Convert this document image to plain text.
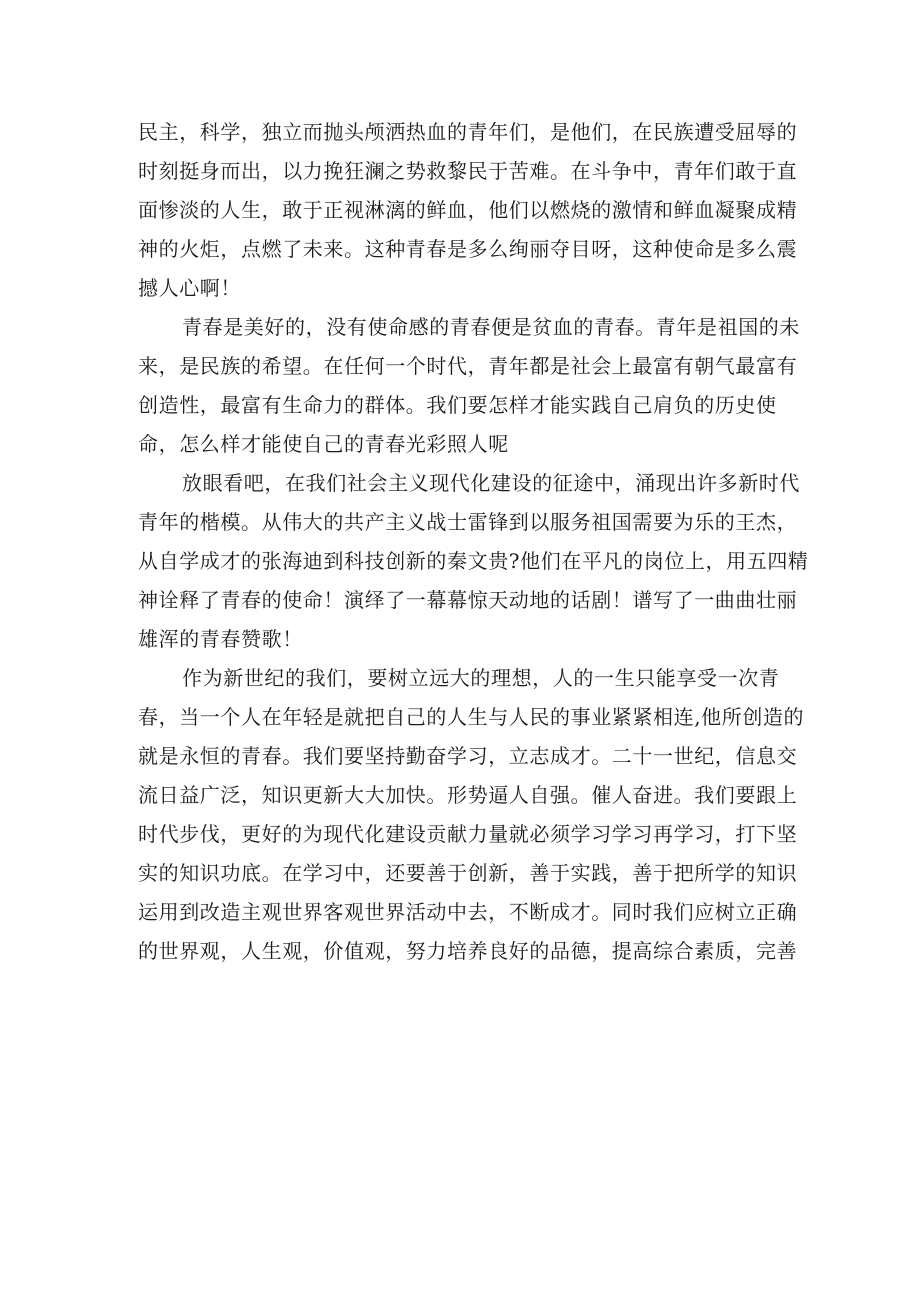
民主，科学，独立而抛头颅洒热血的青年们，是他们，在民族遭受屈辱的
时刻挺身而出，以力挽狂澜之势救黎民于苦难。在斗争中，青年们敢于直
面惨淡的人生，敢于正视淋漓的鲜血，他们以燃烧的激情和鲜血凝聚成精
神的火炬，点燃了未来。这种青春是多么绚丽夺目呀，这种使命是多么震
撼人心啊！
青春是美好的，没有使命感的青春便是贫血的青春。青年是祖国的未
来，是民族的希望。在任何一个时代，青年都是社会上最富有朝气最富有
创造性，最富有生命力的群体。我们要怎样才能实践自己肩负的历史使
命，怎么样才能使自己的青春光彩照人呢
放眼看吧，在我们社会主义现代化建设的征途中，涌现出许多新时代
青年的楷模。从伟大的共产主义战士雷锋到以服务祖国需要为乐的王杰，
从自学成才的张海迪到科技创新的秦文贵?他们在平凡的岗位上，用五四精
神诠释了青春的使命！演绎了一幕幕惊天动地的话剧！谱写了一曲曲壮丽
雄浑的青春赞歌！
作为新世纪的我们，要树立远大的理想，人的一生只能享受一次青
春，当一个人在年轻是就把自己的人生与人民的事业紧紧相连,他所创造的
就是永恒的青春。我们要坚持勤奋学习，立志成才。二十一世纪，信息交
流日益广泛，知识更新大大加快。形势逼人自强。催人奋进。我们要跟上
时代步伐，更好的为现代化建设贡献力量就必须学习学习再学习，打下坚
实的知识功底。在学习中，还要善于创新，善于实践，善于把所学的知识
运用到改造主观世界客观世界活动中去，不断成才。同时我们应树立正确
的世界观，人生观，价值观，努力培养良好的品德，提高综合素质，完善
